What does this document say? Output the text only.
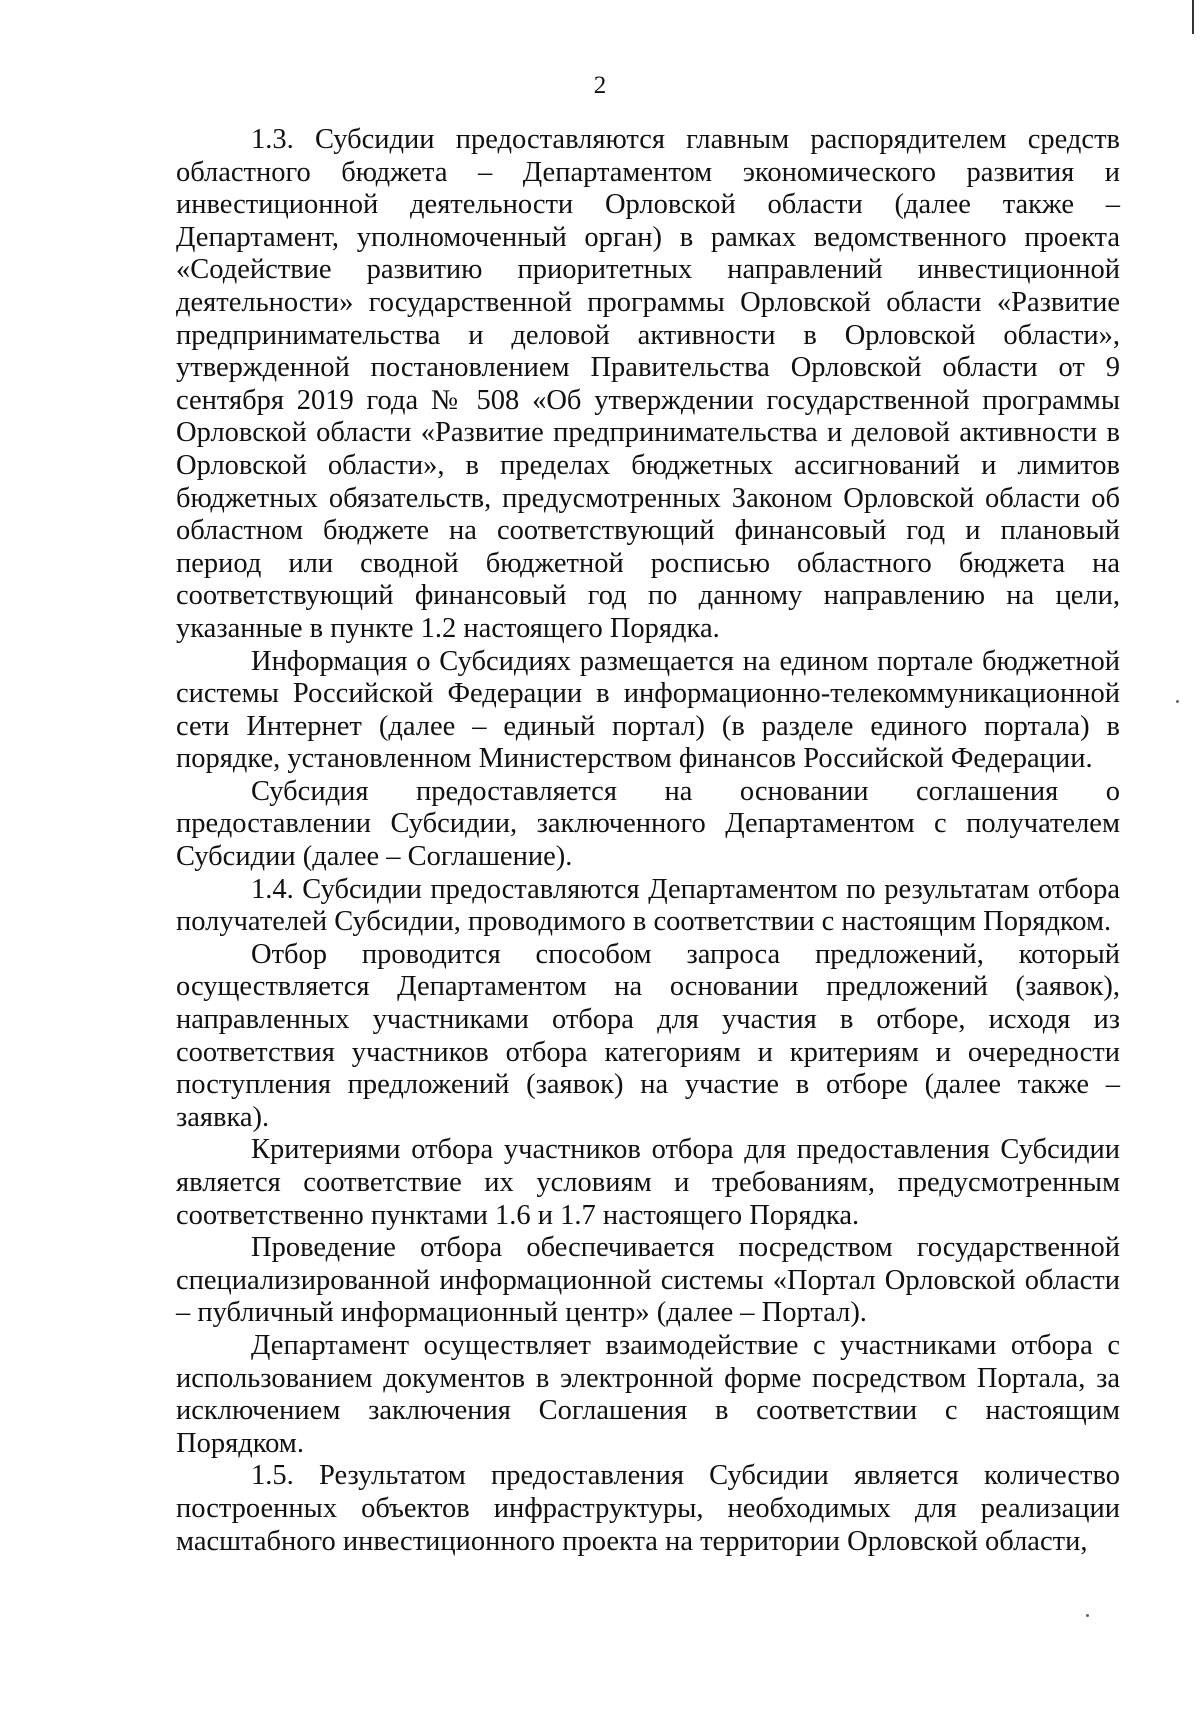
2

1.3. Субсидии предоставляются главным распорядителем средств областного бюджета – Департаментом экономического развития и инвестиционной деятельности Орловской области (далее также – Департамент, уполномоченный орган) в рамках ведомственного проекта «Содействие развитию приоритетных направлений инвестиционной деятельности» государственной программы Орловской области «Развитие предпринимательства и деловой активности в Орловской области», утвержденной постановлением Правительства Орловской области от 9 сентября 2019 года № 508 «Об утверждении государственной программы Орловской области «Развитие предпринимательства и деловой активности в Орловской области», в пределах бюджетных ассигнований и лимитов бюджетных обязательств, предусмотренных Законом Орловской области об областном бюджете на соответствующий финансовый год и плановый период или сводной бюджетной росписью областного бюджета на соответствующий финансовый год по данному направлению на цели, указанные в пункте 1.2 настоящего Порядка.

Информация о Субсидиях размещается на едином портале бюджетной системы Российской Федерации в информационно-телекоммуникационной сети Интернет (далее – единый портал) (в разделе единого портала) в порядке, установленном Министерством финансов Российской Федерации.

Субсидия предоставляется на основании соглашения о предоставлении Субсидии, заключенного Департаментом с получателем Субсидии (далее – Соглашение).

1.4. Субсидии предоставляются Департаментом по результатам отбора получателей Субсидии, проводимого в соответствии с настоящим Порядком.

Отбор проводится способом запроса предложений, который осуществляется Департаментом на основании предложений (заявок), направленных участниками отбора для участия в отборе, исходя из соответствия участников отбора категориям и критериям и очередности поступления предложений (заявок) на участие в отборе (далее также – заявка).

Критериями отбора участников отбора для предоставления Субсидии является соответствие их условиям и требованиям, предусмотренным соответственно пунктами 1.6 и 1.7 настоящего Порядка.

Проведение отбора обеспечивается посредством государственной специализированной информационной системы «Портал Орловской области – публичный информационный центр» (далее – Портал).

Департамент осуществляет взаимодействие с участниками отбора с использованием документов в электронной форме посредством Портала, за исключением заключения Соглашения в соответствии с настоящим Порядком.

1.5. Результатом предоставления Субсидии является количество построенных объектов инфраструктуры, необходимых для реализации масштабного инвестиционного проекта на территории Орловской области,
